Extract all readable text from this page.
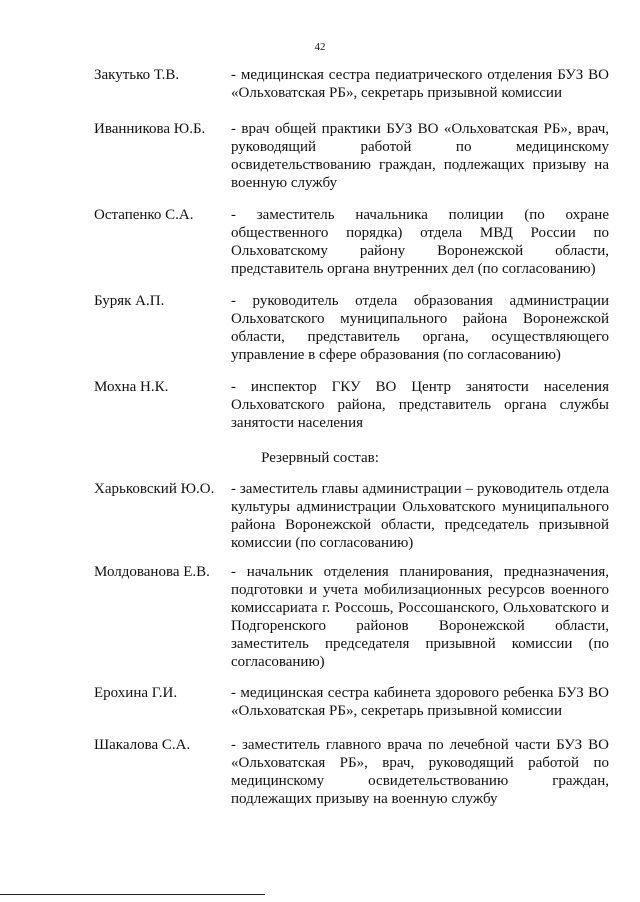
42
Закутько Т.В.	- медицинская сестра педиатрического отделения БУЗ ВО «Ольховатская РБ», секретарь призывной комиссии
Иванникова Ю.Б. - врач общей практики БУЗ ВО «Ольховатская РБ», врач, руководящий работой по медицинскому освидетельствованию граждан, подлежащих призыву на военную службу
Остапенко С.А. - заместитель начальника полиции (по охране общественного порядка) отдела МВД России по Ольховатскому району Воронежской области, представитель органа внутренних дел (по согласованию)
Буряк А.П.	- руководитель отдела образования администрации Ольховатского муниципального района Воронежской области, представитель органа, осуществляющего управление в сфере образования (по согласованию)
Мохна Н.К.	- инспектор ГКУ ВО Центр занятости населения Ольховатского района, представитель органа службы занятости населения
Резервный состав:
Харьковский Ю.О. - заместитель главы администрации – руководитель отдела культуры администрации Ольховатского муниципального района Воронежской области, председатель призывной комиссии (по согласованию)
Молдованова Е.В. - начальник отделения планирования, предназначения, подготовки и учета мобилизационных ресурсов военного комиссариата г. Россошь, Россошанского, Ольховатского и Подгоренского районов Воронежской области, заместитель председателя призывной комиссии (по согласованию)
Ерохина Г.И.	- медицинская сестра кабинета здорового ребенка БУЗ ВО «Ольховатская РБ», секретарь призывной комиссии
Шакалова С.А.	- заместитель главного врача по лечебной части БУЗ ВО «Ольховатская РБ», врач, руководящий работой по медицинскому освидетельствованию граждан, подлежащих призыву на военную службу
